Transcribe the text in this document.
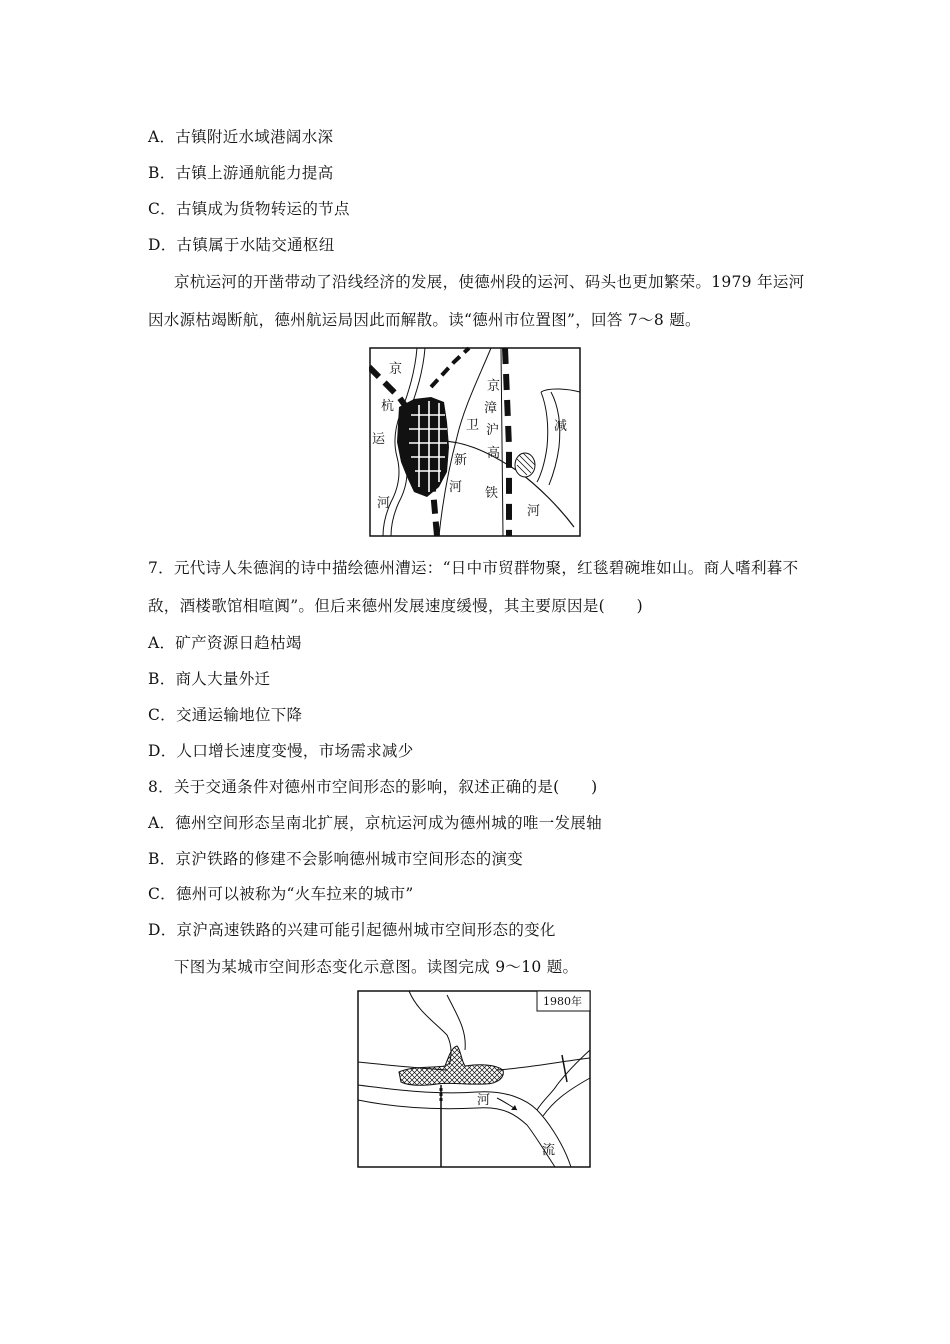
A．古镇附近水域港阔水深
B．古镇上游通航能力提高
C．古镇成为货物转运的节点
D．古镇属于水陆交通枢纽
京杭运河的开凿带动了沿线经济的发展，使德州段的运河、码头也更加繁荣。1979 年运河
因水源枯竭断航，德州航运局因此而解散。读“德州市位置图”，回答 7～8 题。
京
杭
运
河
卫
新
河
京
漳
沪
高
铁
减
河
7．元代诗人朱德润的诗中描绘德州漕运：“日中市贸群物聚，红毯碧碗堆如山。商人嗜利暮不
敌，酒楼歌馆相喧阗”。但后来德州发展速度缓慢，其主要原因是(　　)
A．矿产资源日趋枯竭
B．商人大量外迁
C．交通运输地位下降
D．人口增长速度变慢，市场需求减少
8．关于交通条件对德州市空间形态的影响，叙述正确的是(　　)
A．德州空间形态呈南北扩展，京杭运河成为德州城的唯一发展轴
B．京沪铁路的修建不会影响德州城市空间形态的演变
C．德州可以被称为“火车拉来的城市”
D．京沪高速铁路的兴建可能引起德州城市空间形态的变化
下图为某城市空间形态变化示意图。读图完成 9～10 题。
1980年
河
流
